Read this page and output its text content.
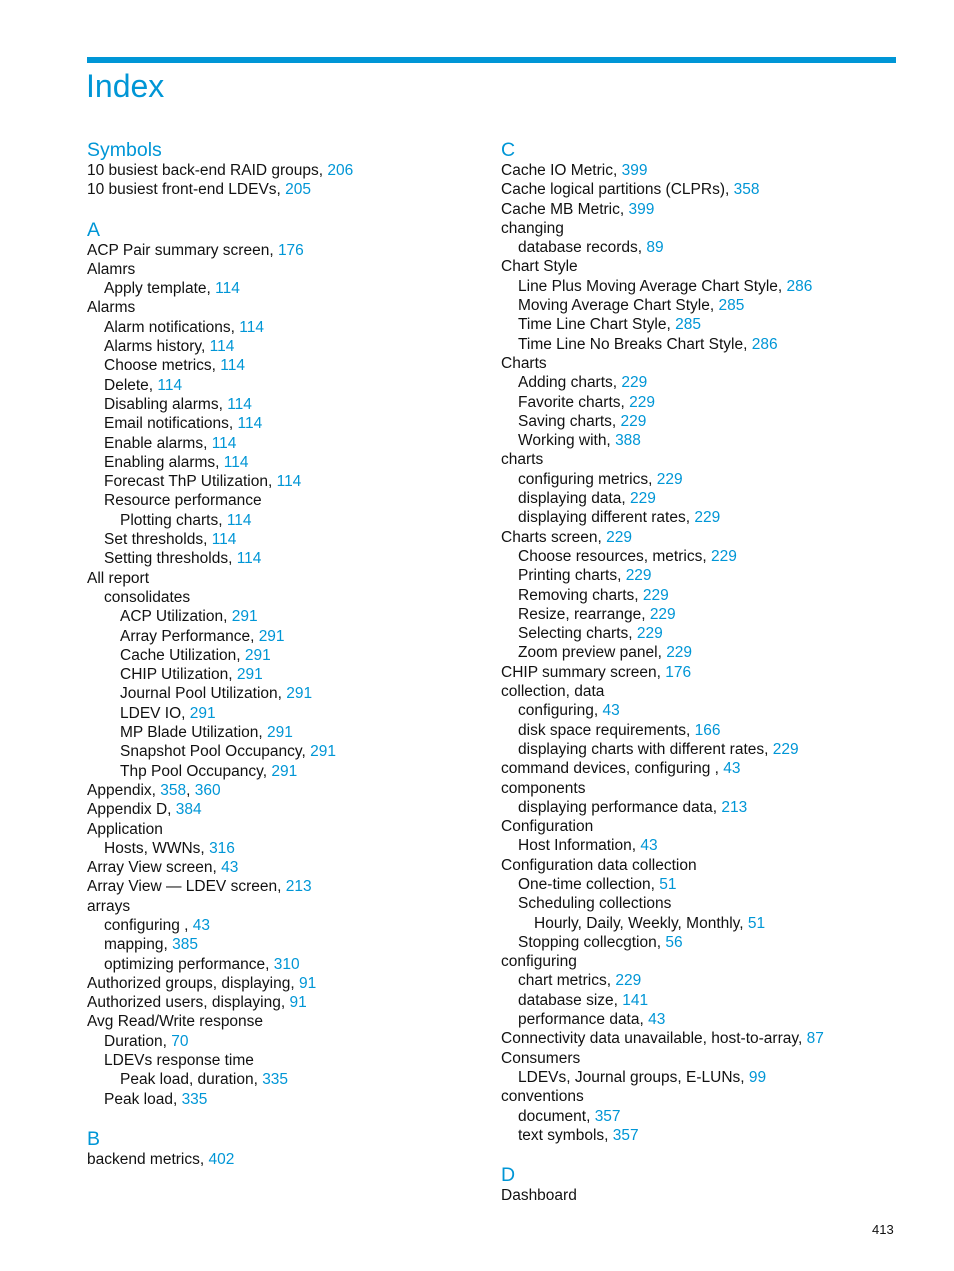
Index
Symbols
10 busiest back-end RAID groups, 206
10 busiest front-end LDEVs, 205
A
ACP Pair summary screen, 176
Alamrs
Apply template, 114
Alarms
Alarm notifications, 114
Alarms history, 114
Choose metrics, 114
Delete, 114
Disabling alarms, 114
Email notifications, 114
Enable alarms, 114
Enabling alarms, 114
Forecast ThP Utilization, 114
Resource performance
Plotting charts, 114
Set thresholds, 114
Setting thresholds, 114
All report
consolidates
ACP Utilization, 291
Array Performance, 291
Cache Utilization, 291
CHIP Utilization, 291
Journal Pool Utilization, 291
LDEV IO, 291
MP Blade Utilization, 291
Snapshot Pool Occupancy, 291
Thp Pool Occupancy, 291
Appendix, 358, 360
Appendix D, 384
Application
Hosts, WWNs, 316
Array View screen, 43
Array View — LDEV screen, 213
arrays
configuring , 43
mapping, 385
optimizing performance, 310
Authorized groups, displaying, 91
Authorized users, displaying, 91
Avg Read/Write response
Duration, 70
LDEVs response time
Peak load, duration, 335
Peak load, 335
B
backend metrics, 402
C
Cache IO Metric, 399
Cache logical partitions (CLPRs), 358
Cache MB Metric, 399
changing
database records, 89
Chart Style
Line Plus Moving Average Chart Style, 286
Moving Average Chart Style, 285
Time Line Chart Style, 285
Time Line No Breaks Chart Style, 286
Charts
Adding charts, 229
Favorite charts, 229
Saving charts, 229
Working with, 388
charts
configuring metrics, 229
displaying data, 229
displaying different rates, 229
Charts screen, 229
Choose resources, metrics, 229
Printing charts, 229
Removing charts, 229
Resize, rearrange, 229
Selecting charts, 229
Zoom preview panel, 229
CHIP summary screen, 176
collection, data
configuring, 43
disk space requirements, 166
displaying charts with different rates, 229
command devices, configuring , 43
components
displaying performance data, 213
Configuration
Host Information, 43
Configuration data collection
One-time collection, 51
Scheduling collections
Hourly, Daily, Weekly, Monthly, 51
Stopping collecgtion, 56
configuring
chart metrics, 229
database size, 141
performance data, 43
Connectivity data unavailable, host-to-array, 87
Consumers
LDEVs, Journal groups, E-LUNs, 99
conventions
document, 357
text symbols, 357
D
Dashboard
413
